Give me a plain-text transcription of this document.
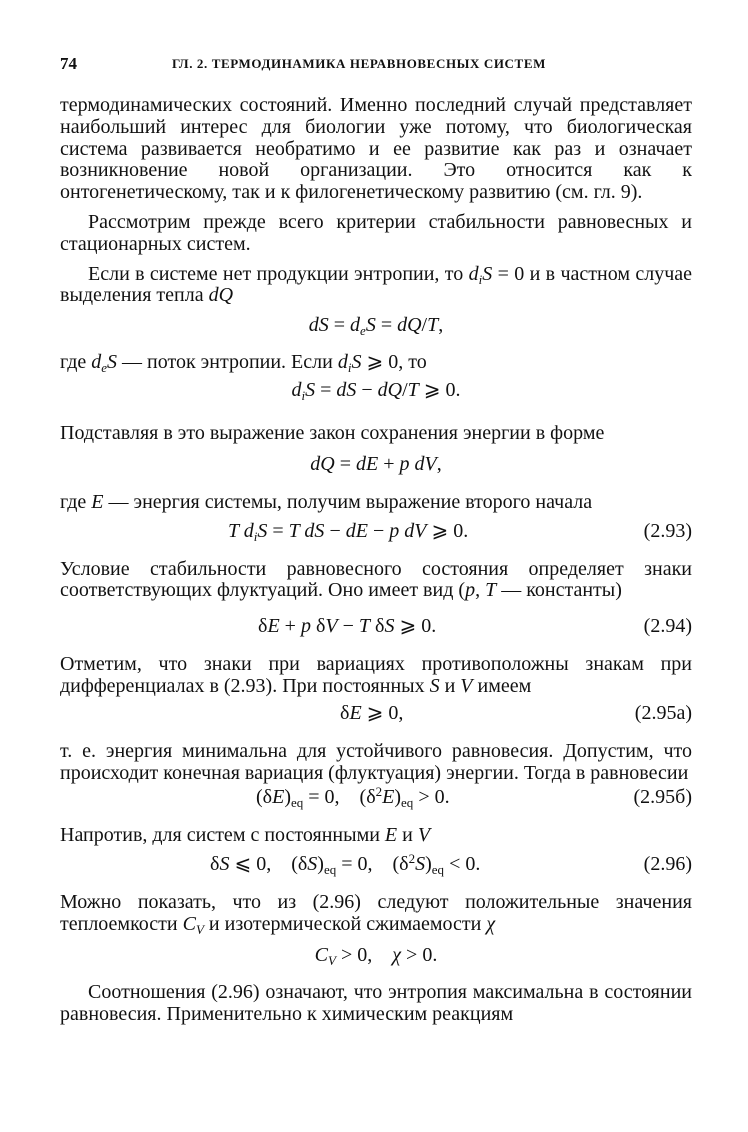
74	ГЛ. 2. ТЕРМОДИНАМИКА НЕРАВНОВЕСНЫХ СИСТЕМ

термодинамических состояний. Именно последний случай представляет наибольший интерес для биологии уже потому, что биологическая система развивается необратимо и ее развитие как раз и означает возникновение новой организации. Это относится как к онтогенетическому, так и к филогенетическому развитию (см. гл. 9).

Рассмотрим прежде всего критерии стабильности равновесных и стационарных систем.

Если в системе нет продукции энтропии, то $d_iS = 0$ и в частном случае выделения тепла dQ

dS = $d_eS = dQ/T$,

где $d_eS$ — поток энтропии. Если $d_iS$ ⩾ 0, то

$d_iS$ = dS − dQ/T ⩾ 0.

Подставляя в это выражение закон сохранения энергии в форме

dQ = dE + p dV,

где E — энергия системы, получим выражение второго начала

T $d_iS = T$ dS − dE − p dV ⩾ 0.	(2.93)

Условие стабильности равновесного состояния определяет знаки соответствующих флуктуаций. Оно имеет вид (p, T — константы)

δE + p δV − T δS ⩾ 0.	(2.94)

Отметим, что знаки при вариациях противоположны знакам при дифференциалах в (2.93). При постоянных S и V имеем

δE ⩾ 0,	(2.95а)

т. е. энергия минимальна для устойчивого равновесия. Допустим, что происходит конечная вариация (флуктуация) энергии. Тогда в равновесии

$(\delta E)_{eq} = 0$,    $(\delta^2E)_{eq} > 0$.	(2.95б)

Напротив, для систем с постоянными E и V

δS ⩽ 0,    $(\delta S)_{eq} = 0$,    $(\delta^2S)_{eq} < 0$.	(2.96)

Можно показать, что из (2.96) следуют положительные значения теплоемкости $C_V$ и изотермической сжимаемости χ

$C_V > 0$,    χ > 0.

Соотношения (2.96) означают, что энтропия максимальна в состоянии равновесия. Применительно к химическим реакциям
